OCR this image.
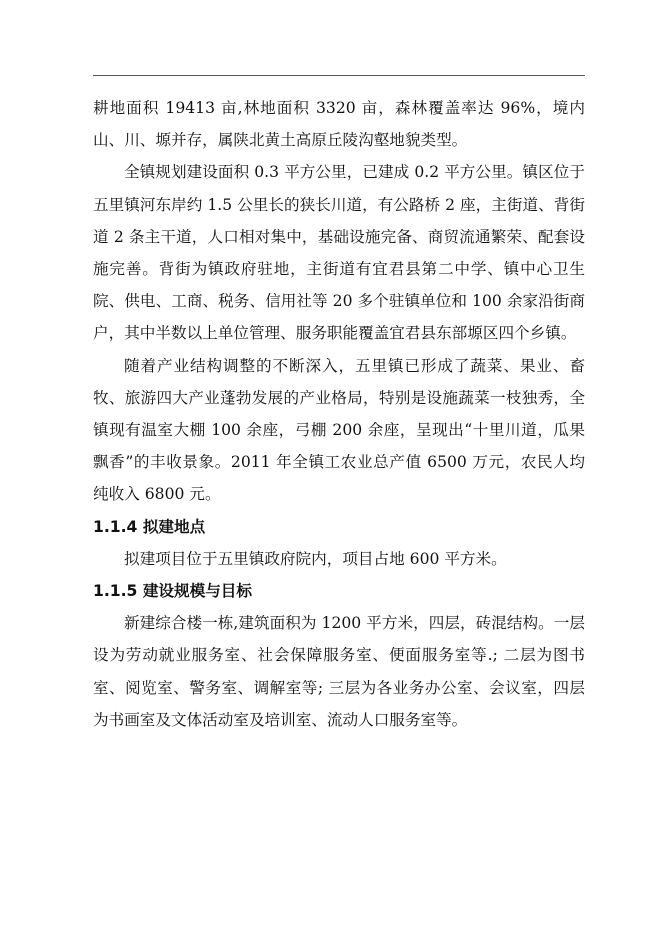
耕地面积 19413 亩,林地面积 3320 亩，森林覆盖率达 96%，境内山、川、塬并存，属陕北黄土高原丘陵沟壑地貌类型。

全镇规划建设面积 0.3 平方公里，已建成 0.2 平方公里。镇区位于五里镇河东岸约 1.5 公里长的狭长川道，有公路桥 2 座，主街道、背街道 2 条主干道，人口相对集中，基础设施完备、商贸流通繁荣、配套设施完善。背街为镇政府驻地，主街道有宜君县第二中学、镇中心卫生院、供电、工商、税务、信用社等 20 多个驻镇单位和 100 余家沿街商户，其中半数以上单位管理、服务职能覆盖宜君县东部塬区四个乡镇。

随着产业结构调整的不断深入，五里镇已形成了蔬菜、果业、畜牧、旅游四大产业蓬勃发展的产业格局，特别是设施蔬菜一枝独秀，全镇现有温室大棚 100 余座，弓棚 200 余座，呈现出“十里川道，瓜果飘香”的丰收景象。2011 年全镇工农业总产值 6500 万元，农民人均纯收入 6800 元。

1.1.4 拟建地点

拟建项目位于五里镇政府院内，项目占地 600 平方米。

1.1.5 建设规模与目标

新建综合楼一栋,建筑面积为 1200 平方米，四层，砖混结构。一层设为劳动就业服务室、社会保障服务室、便面服务室等.; 二层为图书室、阅览室、警务室、调解室等; 三层为各业务办公室、会议室，四层为书画室及文体活动室及培训室、流动人口服务室等。
